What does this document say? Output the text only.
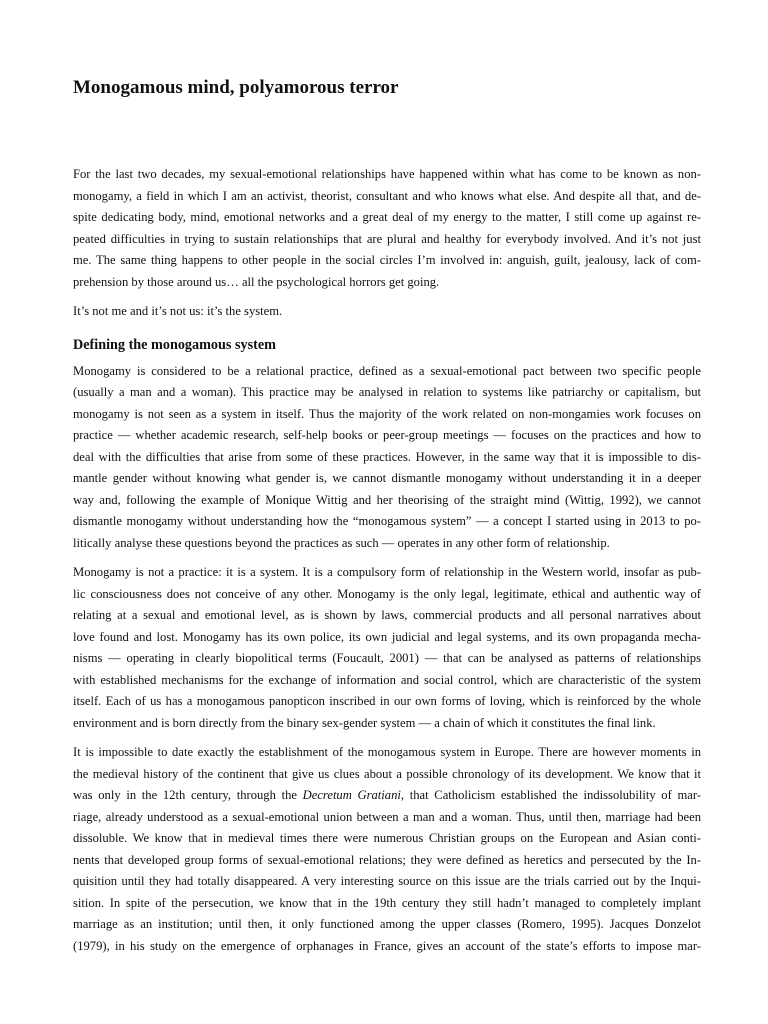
Monogamous mind, polyamorous terror

For the last two decades, my sexual-emotional relationships have happened within what has come to be known as non-
monogamy, a field in which I am an activist, theorist, consultant and who knows what else. And despite all that, and de-
spite dedicating body, mind, emotional networks and a great deal of my energy to the matter, I still come up against re-
peated difficulties in trying to sustain relationships that are plural and healthy for everybody involved. And it’s not just
me. The same thing happens to other people in the social circles I’m involved in: anguish, guilt, jealousy, lack of com-
prehension by those around us… all the psychological horrors get going.

It’s not me and it’s not us: it’s the system.

Defining the monogamous system

Monogamy is considered to be a relational practice, defined as a sexual-emotional pact between two specific people
(usually a man and a woman). This practice may be analysed in relation to systems like patriarchy or capitalism, but
monogamy is not seen as a system in itself. Thus the majority of the work related on non-mongamies work focuses on
practice — whether academic research, self-help books or peer-group meetings — focuses on the practices and how to
deal with the difficulties that arise from some of these practices. However, in the same way that it is impossible to dis-
mantle gender without knowing what gender is, we cannot dismantle monogamy without understanding it in a deeper
way and, following the example of Monique Wittig and her theorising of the straight mind (Wittig, 1992), we cannot
dismantle monogamy without understanding how the “monogamous system” — a concept I started using in 2013 to po-
litically analyse these questions beyond the practices as such — operates in any other form of relationship.

Monogamy is not a practice: it is a system. It is a compulsory form of relationship in the Western world, insofar as pub-
lic consciousness does not conceive of any other. Monogamy is the only legal, legitimate, ethical and authentic way of
relating at a sexual and emotional level, as is shown by laws, commercial products and all personal narratives about
love found and lost. Monogamy has its own police, its own judicial and legal systems, and its own propaganda mecha-
nisms — operating in clearly biopolitical terms (Foucault, 2001) — that can be analysed as patterns of relationships
with established mechanisms for the exchange of information and social control, which are characteristic of the system
itself. Each of us has a monogamous panopticon inscribed in our own forms of loving, which is reinforced by the whole
environment and is born directly from the binary sex-gender system — a chain of which it constitutes the final link.

It is impossible to date exactly the establishment of the monogamous system in Europe. There are however moments in
the medieval history of the continent that give us clues about a possible chronology of its development. We know that it
was only in the 12th century, through the Decretum Gratiani, that Catholicism established the indissolubility of mar-
riage, already understood as a sexual-emotional union between a man and a woman. Thus, until then, marriage had been
dissoluble. We know that in medieval times there were numerous Christian groups on the European and Asian conti-
nents that developed group forms of sexual-emotional relations; they were defined as heretics and persecuted by the In-
quisition until they had totally disappeared. A very interesting source on this issue are the trials carried out by the Inqui-
sition. In spite of the persecution, we know that in the 19th century they still hadn’t managed to completely implant
marriage as an institution; until then, it only functioned among the upper classes (Romero, 1995). Jacques Donzelot
(1979), in his study on the emergence of orphanages in France, gives an account of the state’s efforts to impose mar-
